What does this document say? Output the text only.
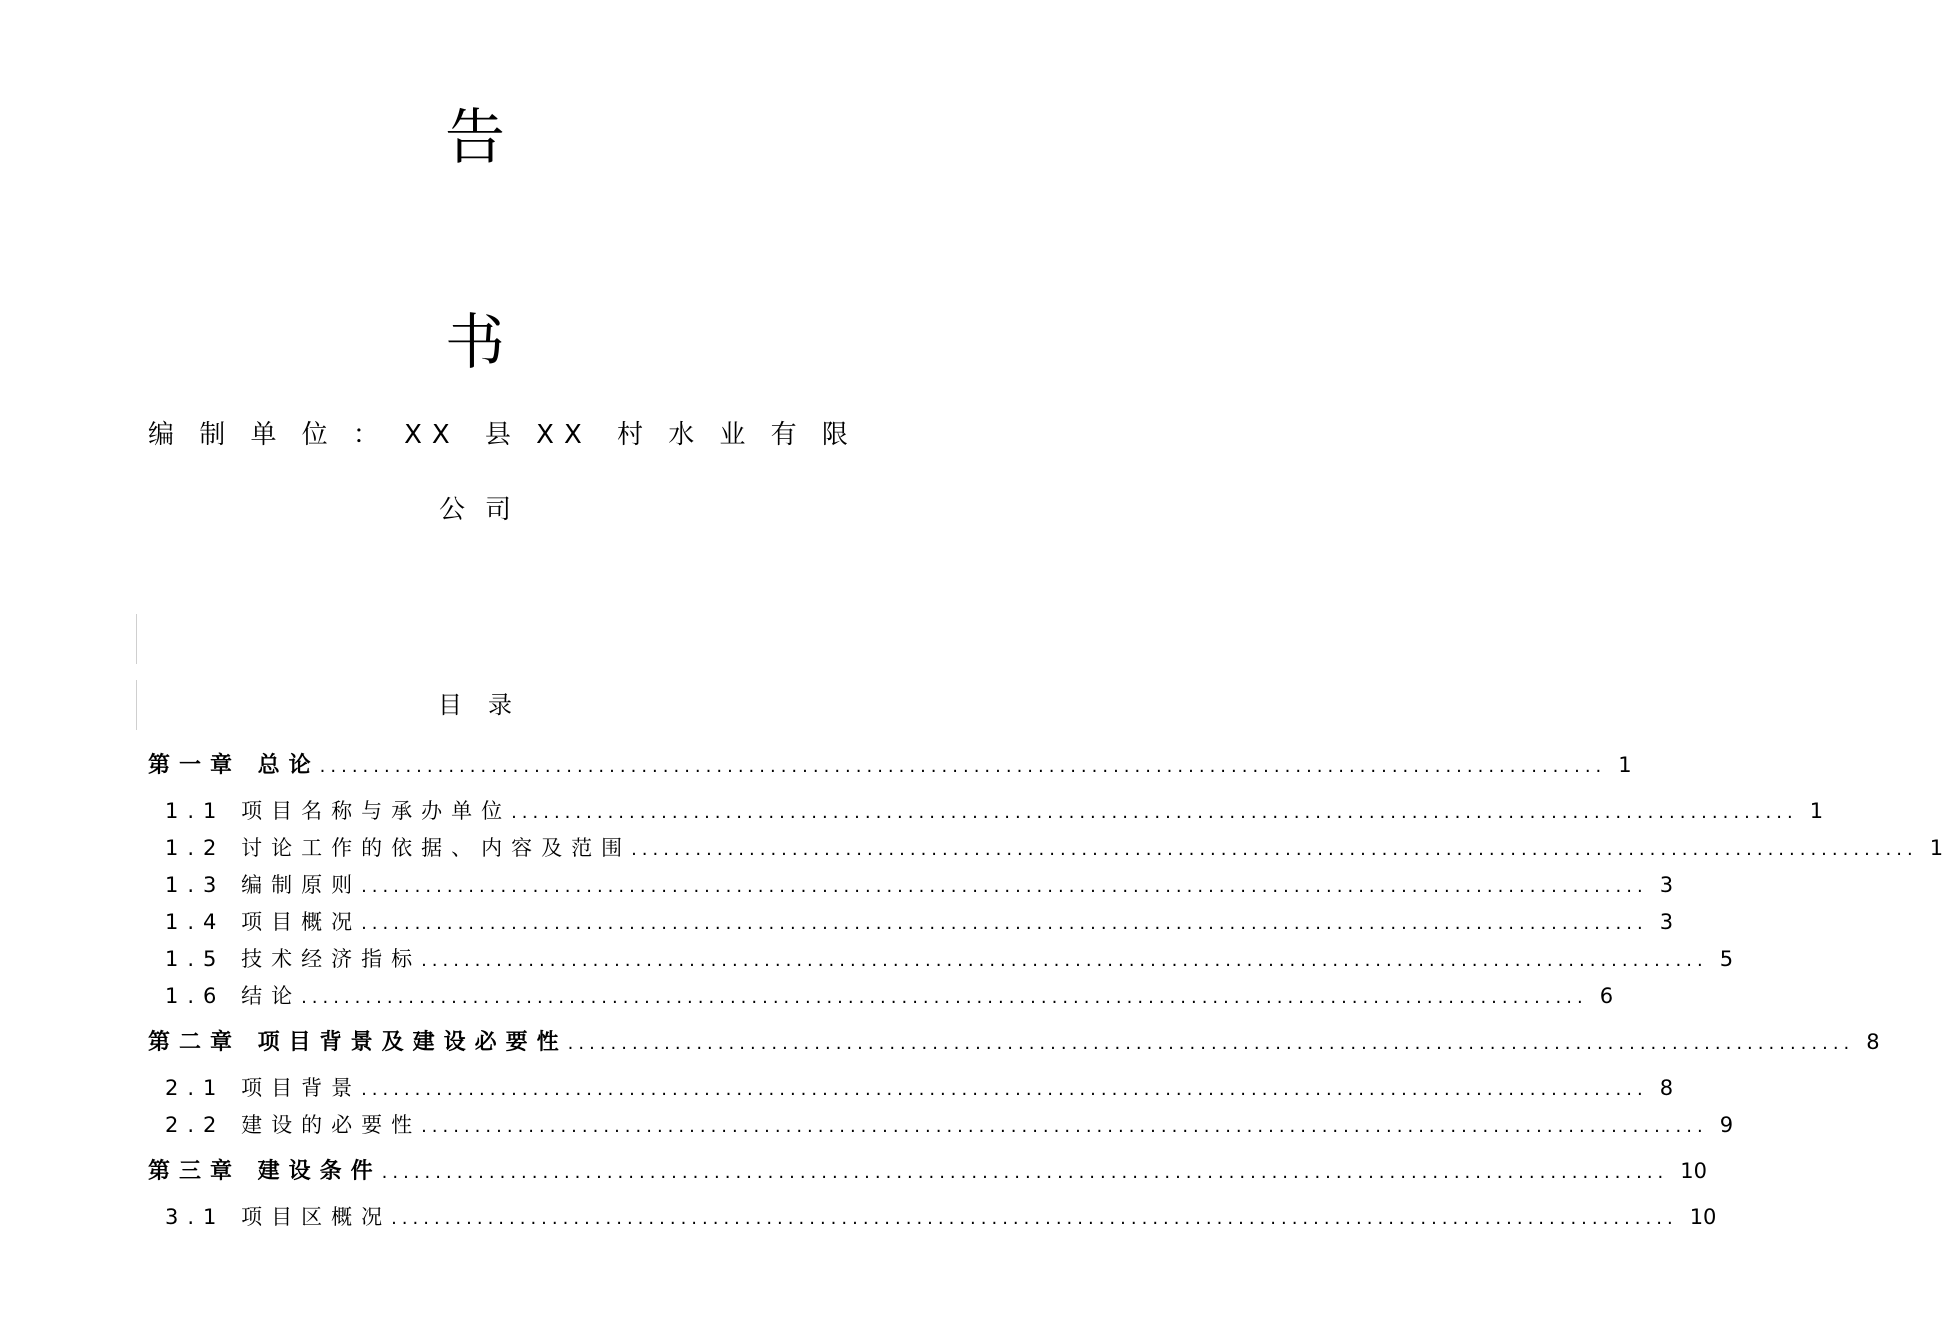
告
书
编 制 单 位 ： XX 县 XX 村 水 业 有 限
公司
目录
第一章 总论 ........................................................................................................................ 1
1.1 项目名称与承办单位 ........................................................................................................................ 1
1.2 讨论工作的依据、内容及范围 ........................................................................................................................ 1
1.3 编制原则 ........................................................................................................................ 3
1.4 项目概况 ........................................................................................................................ 3
1.5 技术经济指标 ........................................................................................................................ 5
1.6 结论 ........................................................................................................................ 6
第二章 项目背景及建设必要性 ........................................................................................................................ 8
2.1 项目背景 ........................................................................................................................ 8
2.2 建设的必要性 ........................................................................................................................ 9
第三章 建设条件 ........................................................................................................................ 10
3.1 项目区概况 ........................................................................................................................ 10
